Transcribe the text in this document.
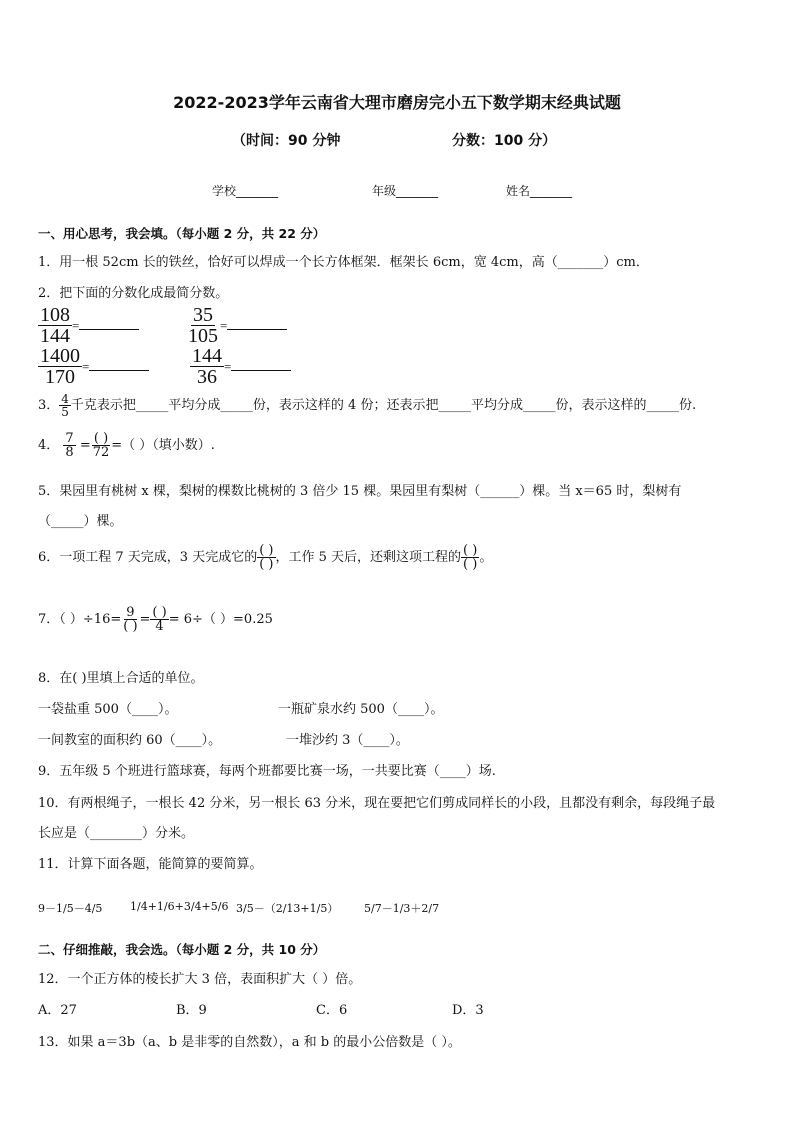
2022-2023学年云南省大理市磨房完小五下数学期末经典试题
（时间：90 分钟	分数：100 分）
学校_______	年级_______	姓名_______
一、用心思考，我会填。（每小题 2 分，共 22 分）
1．用一根 52cm 长的铁丝，恰好可以焊成一个长方体框架．框架长 6cm，宽 4cm，高（_______）cm．
2．把下面的分数化成最简分数。
$\frac{108}{144}$ =	$\frac{35}{105}$ =
$\frac{1400}{170}$ =	$\frac{144}{36}$ =
3． $\frac{4}{5}$ 千克表示把_____平均分成_____份，表示这样的 4 份；还表示把_____平均分成_____份，表示这样的_____份.
4． $\frac{7}{8} = \frac{( )}{72}$ =（ ）（填小数）.
5．果园里有桃树 x 棵，梨树的棵数比桃树的 3 倍少 15 棵。果园里有梨树（______）棵。当 x＝65 时，梨树有
（_____）棵。
6．一项工程 7 天完成，3 天完成它的 $\frac{( )}{( )}$ ，工作 5 天后，还剩这项工程的 $\frac{( )}{( )}$ 。
7．（ ）$\div 16= \frac{9}{( )} = \frac{( )}{4} = 6\div$（ ）=0.25
8．在( )里填上合适的单位。
一袋盐重 500（____）。	一瓶矿泉水约 500（____）。
一间教室的面积约 60（____）。	一堆沙约 3（____）。
9．五年级 5 个班进行篮球赛，每两个班都要比赛一场，一共要比赛（____）场.
10．有两根绳子，一根长 42 分米，另一根长 63 分米，现在要把它们剪成同样长的小段，且都没有剩余，每段绳子最
长应是（________）分米。
11．计算下面各题，能简算的要简算。
9－1/5－4/5	1/4+1/6+3/4+5/6 3/5－（2/13+1/5） 5/7－1/3＋2/7
二、仔细推敲，我会选。（每小题 2 分，共 10 分）
12．一个正方体的棱长扩大 3 倍，表面积扩大（ ）倍。
A．27	B．9	C．6	D．3
13．如果 a＝3b（a、b 是非零的自然数），a 和 b 的最小公倍数是（ ）。
